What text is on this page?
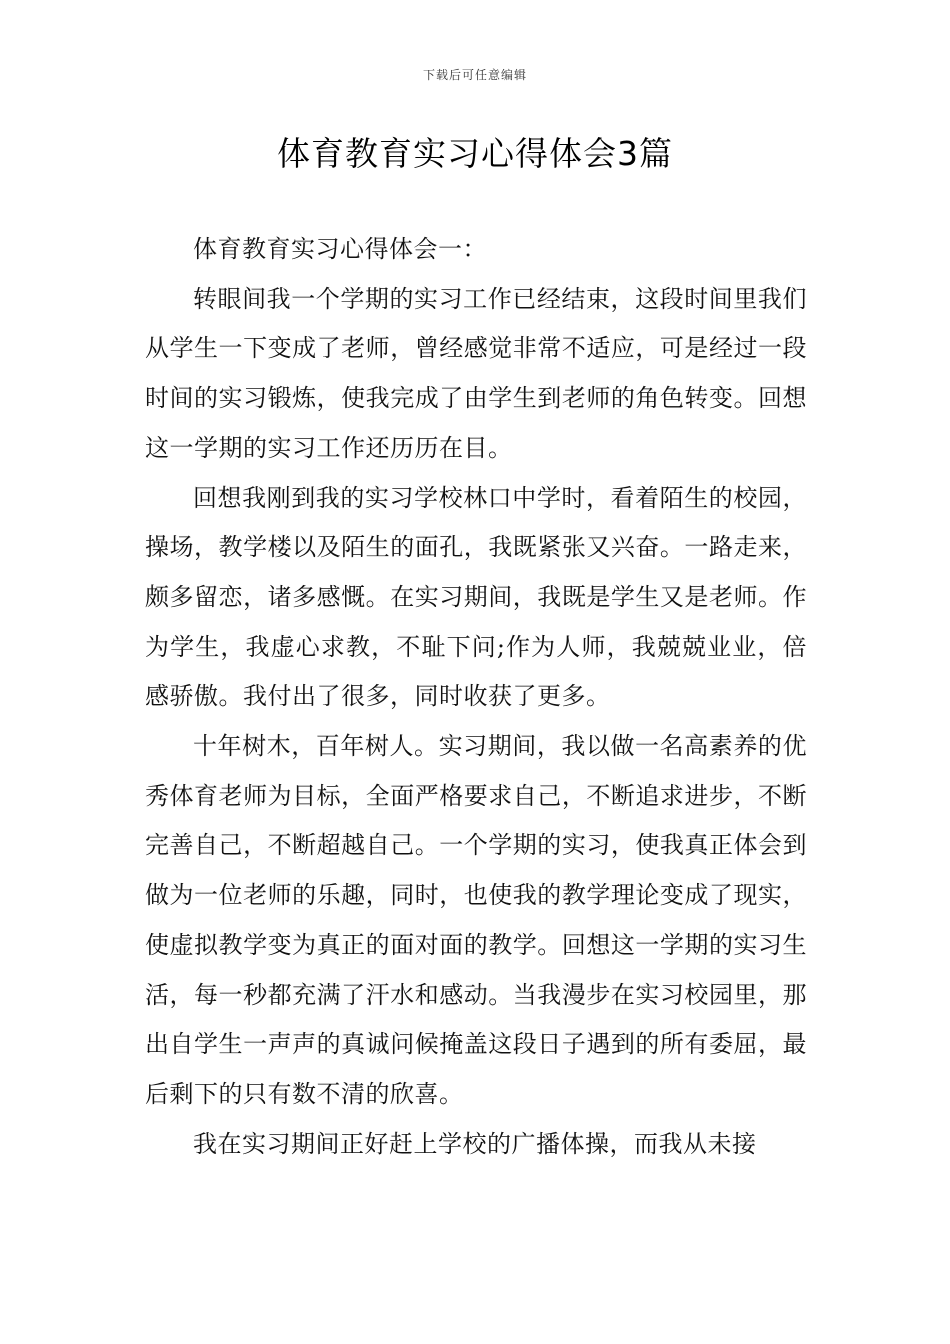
下载后可任意编辑
体育教育实习心得体会3篇

体育教育实习心得体会一：

转眼间我一个学期的实习工作已经结束，这段时间里我们从学生一下变成了老师，曾经感觉非常不适应，可是经过一段时间的实习锻炼，使我完成了由学生到老师的角色转变。回想这一学期的实习工作还历历在目。

回想我刚到我的实习学校林口中学时，看着陌生的校园，操场，教学楼以及陌生的面孔，我既紧张又兴奋。一路走来，颇多留恋，诸多感慨。在实习期间，我既是学生又是老师。作为学生，我虚心求教，不耻下问;作为人师，我兢兢业业，倍感骄傲。我付出了很多，同时收获了更多。

十年树木，百年树人。实习期间，我以做一名高素养的优秀体育老师为目标，全面严格要求自己，不断追求进步，不断完善自己，不断超越自己。一个学期的实习，使我真正体会到做为一位老师的乐趣，同时，也使我的教学理论变成了现实，使虚拟教学变为真正的面对面的教学。回想这一学期的实习生活，每一秒都充满了汗水和感动。当我漫步在实习校园里，那出自学生一声声的真诚问候掩盖这段日子遇到的所有委屈，最后剩下的只有数不清的欣喜。

我在实习期间正好赶上学校的广播体操，而我从未接
